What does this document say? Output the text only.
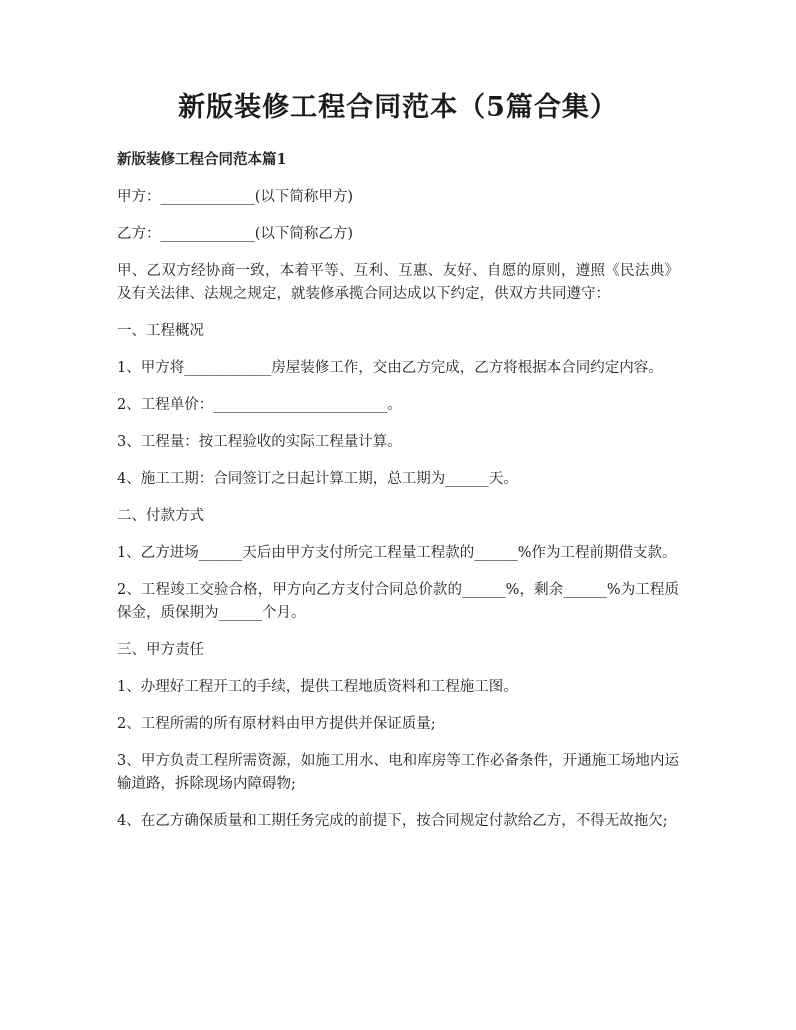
新版装修工程合同范本（5篇合集）

新版装修工程合同范本篇1

甲方：_____________(以下简称甲方)

乙方：_____________(以下简称乙方)

甲、乙双方经协商一致，本着平等、互利、互惠、友好、自愿的原则，遵照《民法典》及有关法律、法规之规定，就装修承揽合同达成以下约定，供双方共同遵守：

一、工程概况

1、甲方将____________房屋装修工作，交由乙方完成，乙方将根据本合同约定内容。

2、工程单价：________________________。

3、工程量：按工程验收的实际工程量计算。

4、施工工期：合同签订之日起计算工期，总工期为______天。

二、付款方式

1、乙方进场______天后由甲方支付所完工程量工程款的______%作为工程前期借支款。

2、工程竣工交验合格，甲方向乙方支付合同总价款的______%，剩余______%为工程质保金，质保期为______个月。

三、甲方责任

1、办理好工程开工的手续，提供工程地质资料和工程施工图。

2、工程所需的所有原材料由甲方提供并保证质量;

3、甲方负责工程所需资源，如施工用水、电和库房等工作必备条件，开通施工场地内运输道路，拆除现场内障碍物;

4、在乙方确保质量和工期任务完成的前提下，按合同规定付款给乙方，不得无故拖欠;
